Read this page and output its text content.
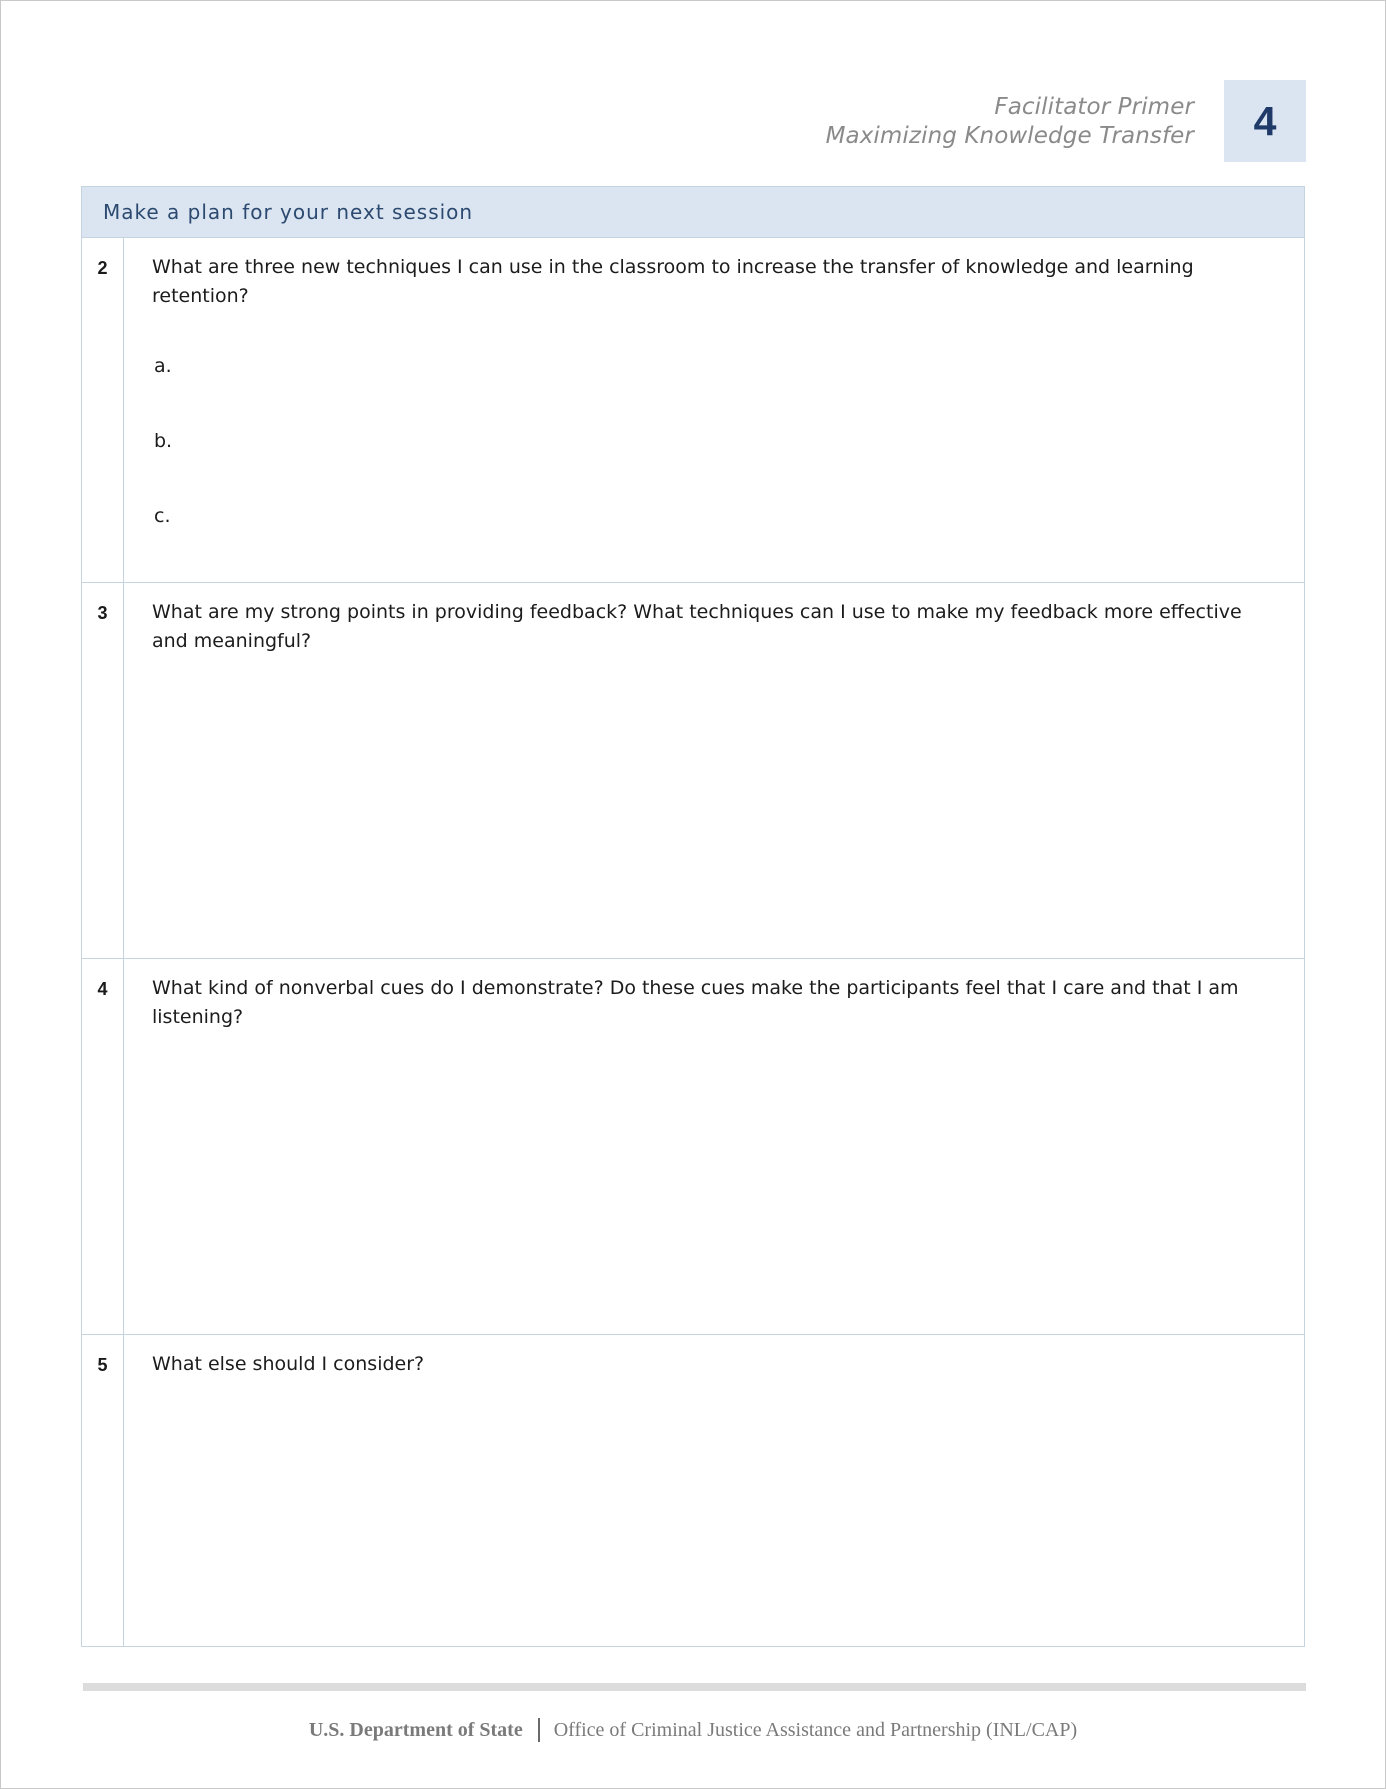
Facilitator Primer
Maximizing Knowledge Transfer	4
Make a plan for your next session
2	What are three new techniques I can use in the classroom to increase the transfer of knowledge and learning retention?
a.
b.
c.
3	What are my strong points in providing feedback? What techniques can I use to make my feedback more effective and meaningful?
4	What kind of nonverbal cues do I demonstrate? Do these cues make the participants feel that I care and that I am listening?
5	What else should I consider?
U.S. Department of State Office of Criminal Justice Assistance and Partnership (INL/CAP)
